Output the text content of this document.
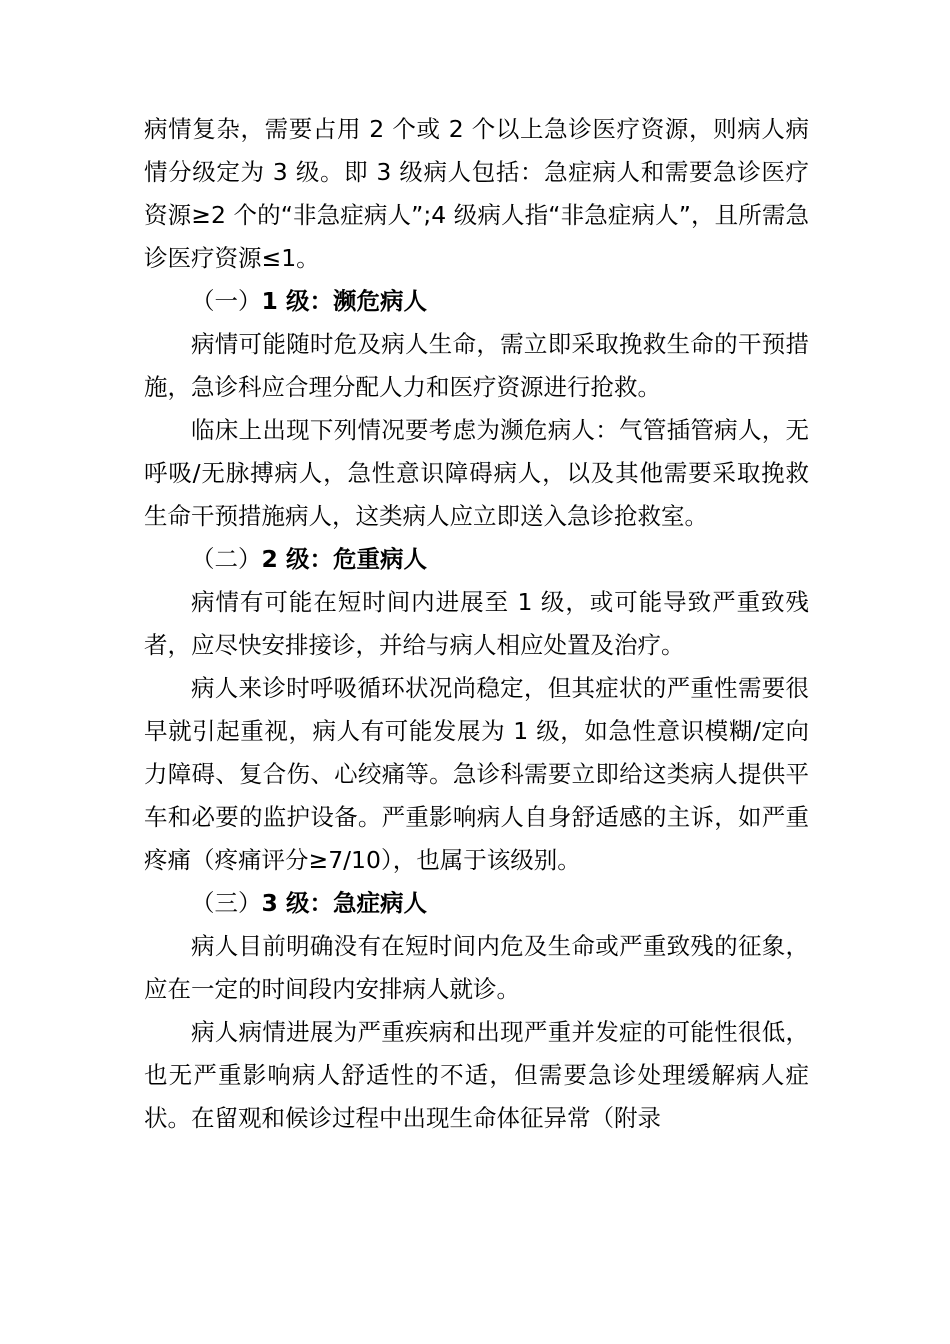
病情复杂，需要占用 2 个或 2 个以上急诊医疗资源，则病人病情分级定为 3 级。即 3 级病人包括：急症病人和需要急诊医疗资源≥2 个的“非急症病人”;4 级病人指“非急症病人”，且所需急诊医疗资源≤1。

（一）1 级：濒危病人

病情可能随时危及病人生命，需立即采取挽救生命的干预措施，急诊科应合理分配人力和医疗资源进行抢救。

临床上出现下列情况要考虑为濒危病人：气管插管病人，无呼吸/无脉搏病人，急性意识障碍病人，以及其他需要采取挽救生命干预措施病人，这类病人应立即送入急诊抢救室。

（二）2 级：危重病人

病情有可能在短时间内进展至 1 级，或可能导致严重致残者，应尽快安排接诊，并给与病人相应处置及治疗。

病人来诊时呼吸循环状况尚稳定，但其症状的严重性需要很早就引起重视，病人有可能发展为 1 级，如急性意识模糊/定向力障碍、复合伤、心绞痛等。急诊科需要立即给这类病人提供平车和必要的监护设备。严重影响病人自身舒适感的主诉，如严重疼痛（疼痛评分≥7/10），也属于该级别。

（三）3 级：急症病人

病人目前明确没有在短时间内危及生命或严重致残的征象，应在一定的时间段内安排病人就诊。

病人病情进展为严重疾病和出现严重并发症的可能性很低，也无严重影响病人舒适性的不适，但需要急诊处理缓解病人症状。在留观和候诊过程中出现生命体征异常（附录
